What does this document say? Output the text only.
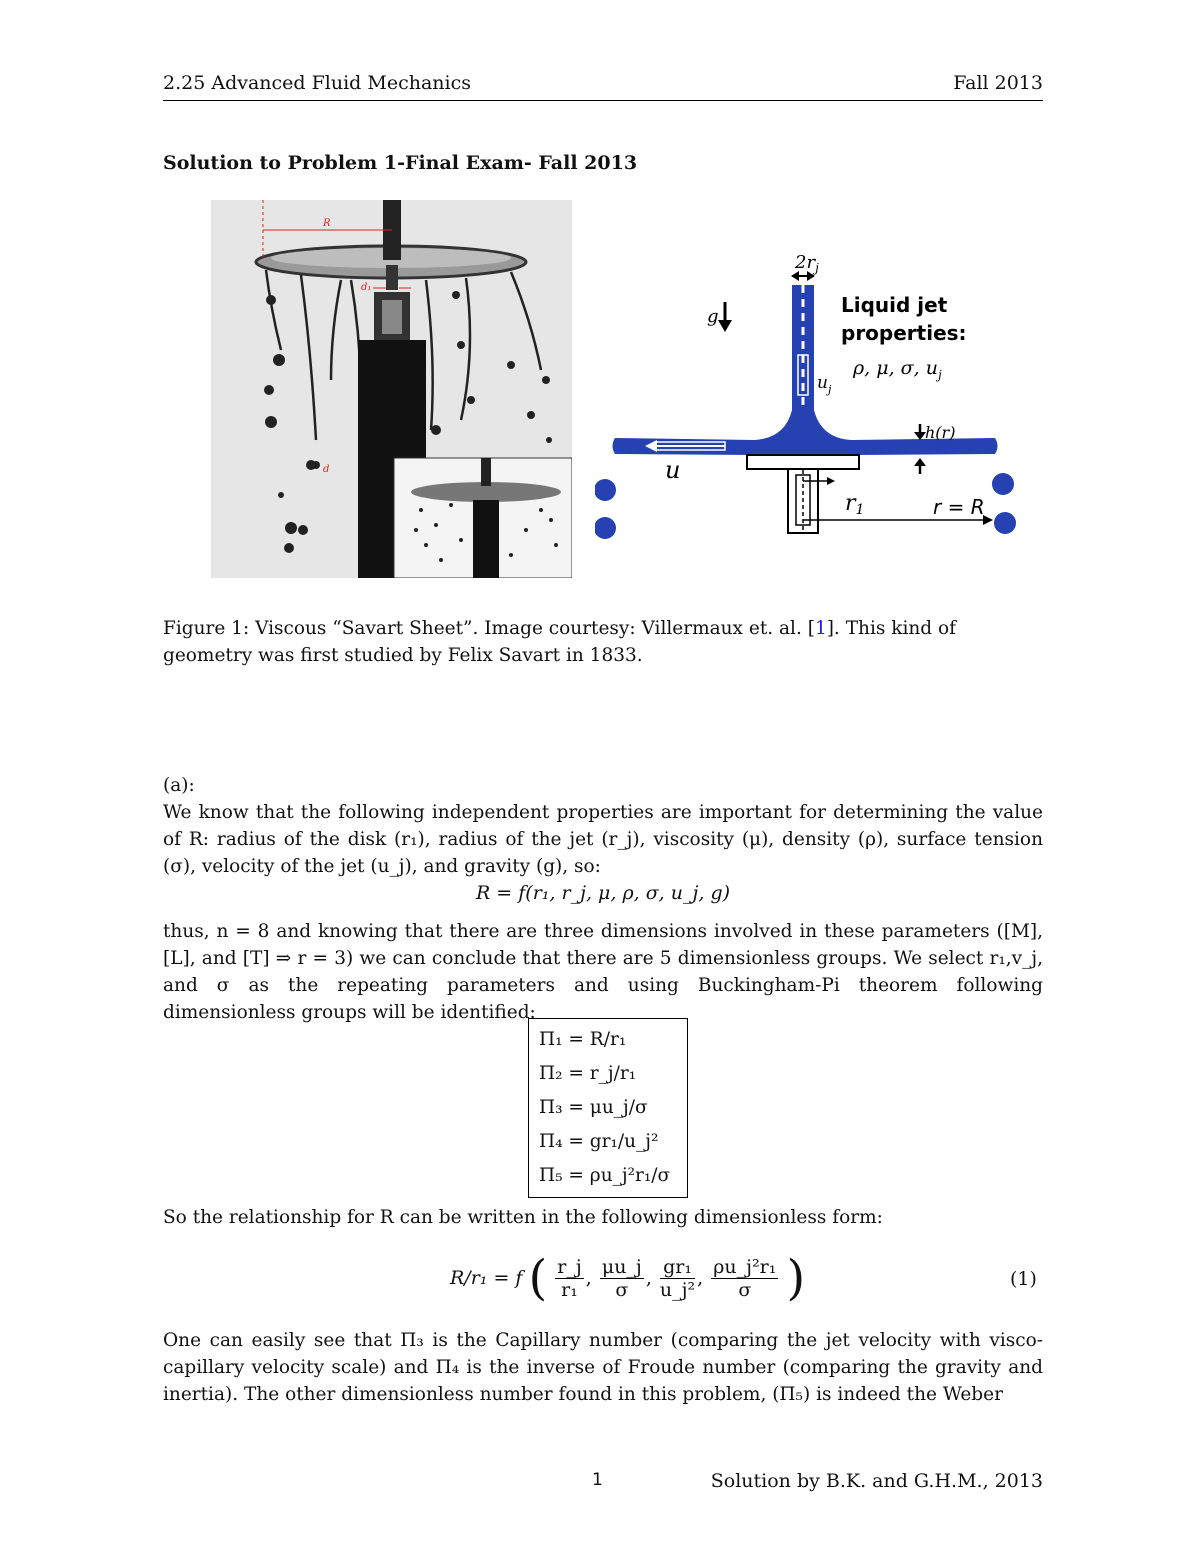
2.25 Advanced Fluid Mechanics	Fall 2013
Solution to Problem 1-Final Exam- Fall 2013
R
d₁
d
$2r_j$
g
$u_j$
Liquid jet
properties:
ρ, μ, σ, $u_j$
h(r)
u
r1	r = R
Figure 1: Viscous “Savart Sheet”. Image courtesy: Villermaux et. al. [1]. This kind of geometry was first studied by Felix Savart in 1833.
(a):
We know that the following independent properties are important for determining the value of R: radius of the disk (r₁), radius of the jet (r_j), viscosity (μ), density (ρ), surface tension (σ), velocity of the jet (u_j), and gravity (g), so:
R = f(r₁, r_j, μ, ρ, σ, u_j, g)
thus, n = 8 and knowing that there are three dimensions involved in these parameters ([M],[L], and [T] ⇒ r = 3) we can conclude that there are 5 dimensionless groups. We select r₁,v_j, and σ as the repeating parameters and using Buckingham-Pi theorem following dimensionless groups will be identified:
Π₁ = R/r₁
Π₂ = r_j/r₁
Π₃ = μu_j/σ
Π₄ = gr₁/u_j²
Π₅ = ρu_j²r₁/σ
So the relationship for R can be written in the following dimensionless form:
R/r₁ = f ( $\frac{r\_j}{\text{r₁}}$ , $\frac{\mu u\_j}{\sigma}$ , $\frac{\text{gr₁}}{\text{u\_j²}}$ , $\frac{\text{ρu\_j²r₁}}{\sigma}$ )	(1)
One can easily see that Π₃ is the Capillary number (comparing the jet velocity with visco-capillary velocity scale) and Π₄ is the inverse of Froude number (comparing the gravity and inertia). The other dimensionless number found in this problem, (Π₅) is indeed the Weber
1	Solution by B.K. and G.H.M., 2013
